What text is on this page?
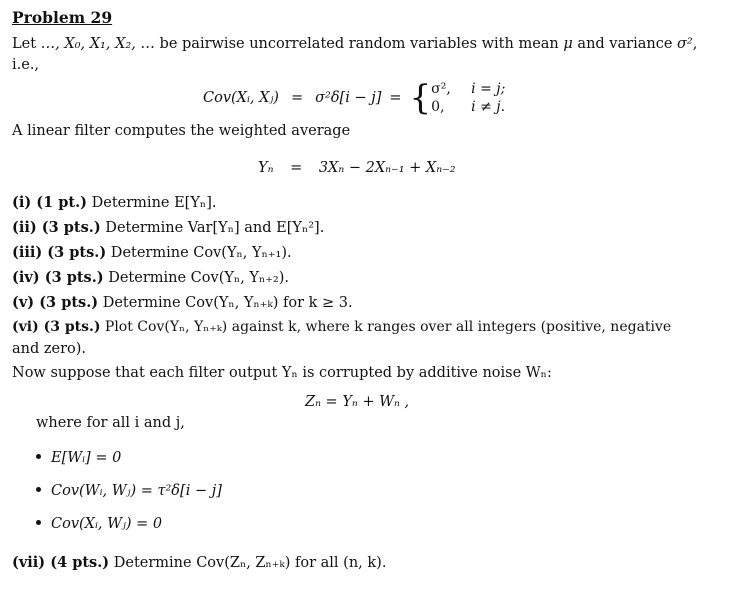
Problem 29
Let …, X₀, X₁, X₂, … be pairwise uncorrelated random variables with mean μ and variance σ²,
i.e.,
Cov(Xᵢ, Xⱼ) = σ²δ[i − j] = { σ², i = j;
0, i ≠ j.
A linear filter computes the weighted average
Yₙ = 3Xₙ − 2Xₙ₋₁ + Xₙ₋₂
(i) (1 pt.) Determine E[Yₙ].
(ii) (3 pts.) Determine Var[Yₙ] and E[Yₙ²].
(iii) (3 pts.) Determine Cov(Yₙ, Yₙ₊₁).
(iv) (3 pts.) Determine Cov(Yₙ, Yₙ₊₂).
(v) (3 pts.) Determine Cov(Yₙ, Yₙ₊ₖ) for k ≥ 3.
(vi) (3 pts.) Plot Cov(Yₙ, Yₙ₊ₖ) against k, where k ranges over all integers (positive, negative
and zero).
Now suppose that each filter output Yₙ is corrupted by additive noise Wₙ:
Zₙ = Yₙ + Wₙ ,
where for all i and j,
E[Wᵢ] = 0
Cov(Wᵢ, Wⱼ) = τ²δ[i − j]
Cov(Xᵢ, Wⱼ) = 0
(vii) (4 pts.) Determine Cov(Zₙ, Zₙ₊ₖ) for all (n, k).
